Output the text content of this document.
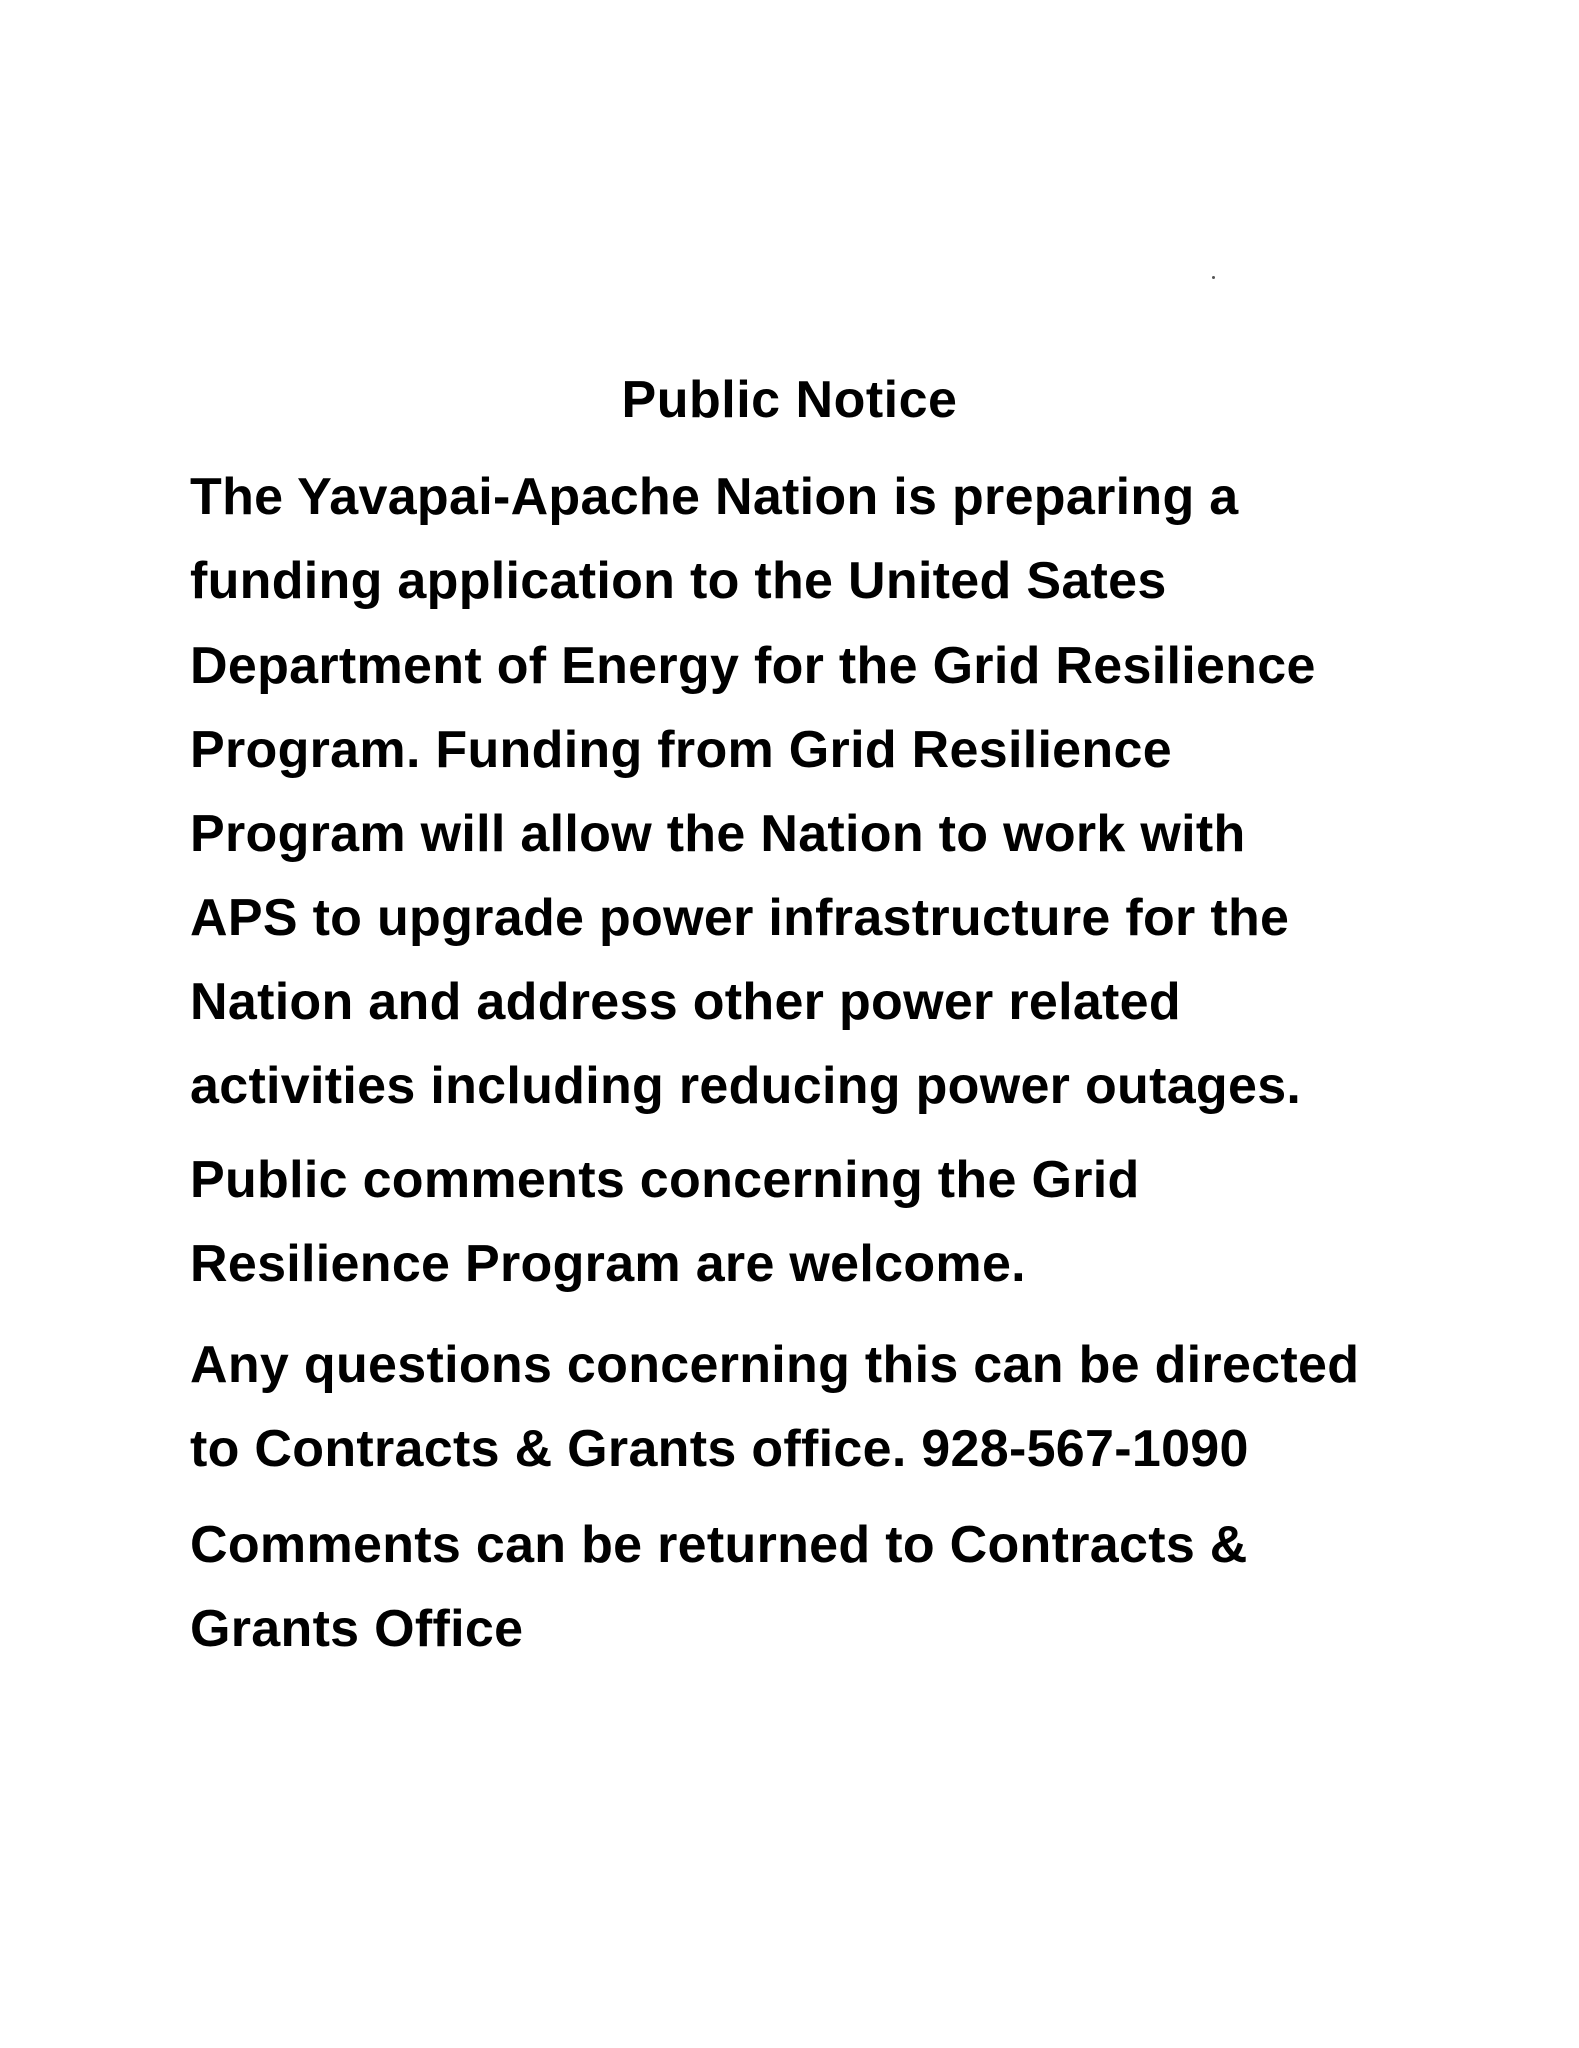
Public Notice
The Yavapai-Apache Nation is preparing a
funding application to the United Sates
Department of Energy for the Grid Resilience
Program. Funding from Grid Resilience
Program will allow the Nation to work with
APS to upgrade power infrastructure for the
Nation and address other power related
activities including reducing power outages.
Public comments concerning the Grid
Resilience Program are welcome.
Any questions concerning this can be directed
to Contracts & Grants office. 928-567-1090
Comments can be returned to Contracts &
Grants Office
